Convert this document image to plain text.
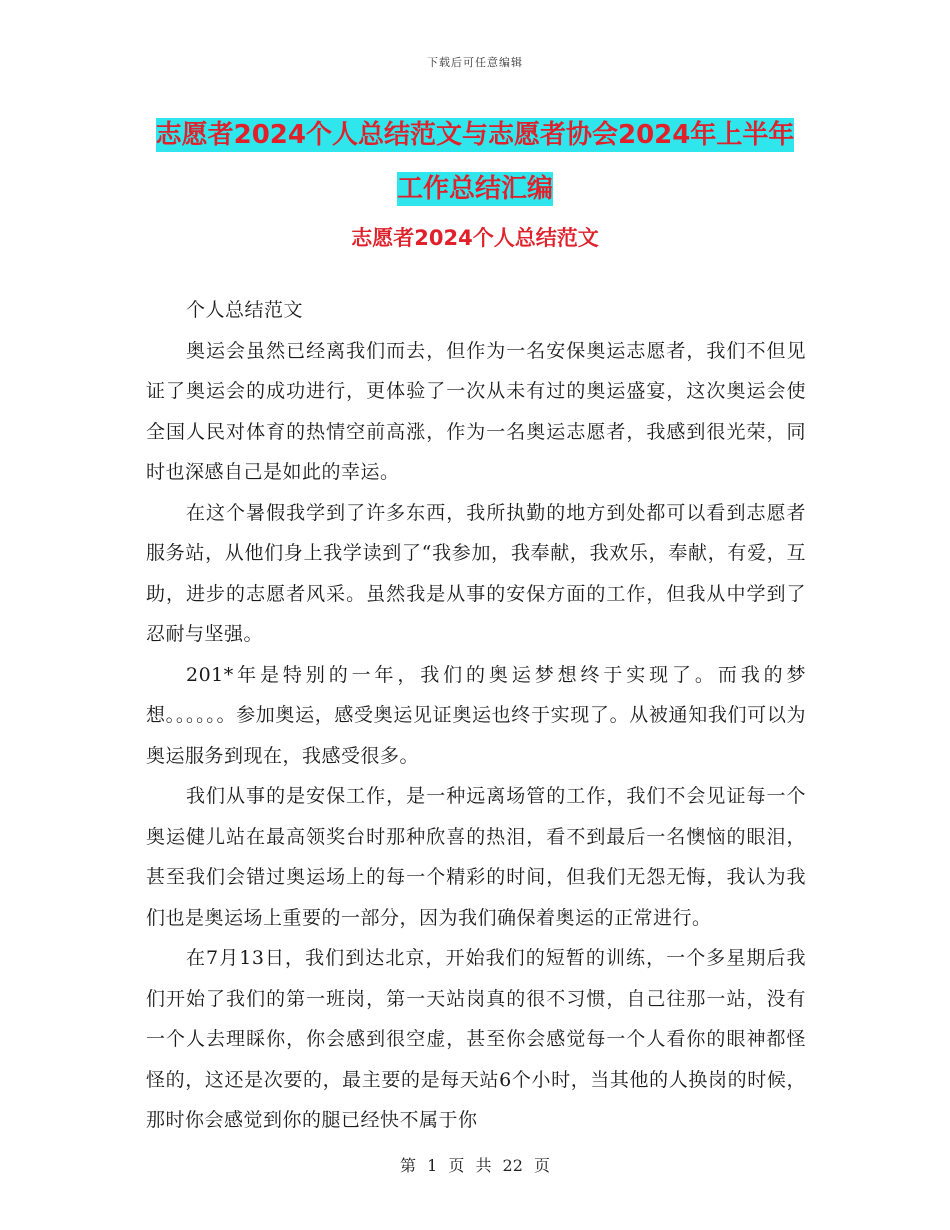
下载后可任意编辑
志愿者2024个人总结范文与志愿者协会2024年上半年工作总结汇编
志愿者2024个人总结范文

个人总结范文

奥运会虽然已经离我们而去，但作为一名安保奥运志愿者，我们不但见证了奥运会的成功进行，更体验了一次从未有过的奥运盛宴，这次奥运会使全国人民对体育的热情空前高涨，作为一名奥运志愿者，我感到很光荣，同时也深感自己是如此的幸运。

在这个暑假我学到了许多东西，我所执勤的地方到处都可以看到志愿者服务站，从他们身上我学读到了“我参加，我奉献，我欢乐，奉献，有爱，互助，进步的志愿者风采。虽然我是从事的安保方面的工作，但我从中学到了忍耐与坚强。

201*年是特别的一年，我们的奥运梦想终于实现了。而我的梦想。。。。。。参加奥运，感受奥运见证奥运也终于实现了。从被通知我们可以为奥运服务到现在，我感受很多。

我们从事的是安保工作，是一种远离场管的工作，我们不会见证每一个奥运健儿站在最高领奖台时那种欣喜的热泪，看不到最后一名懊恼的眼泪，甚至我们会错过奥运场上的每一个精彩的时间，但我们无怨无悔，我认为我们也是奥运场上重要的一部分，因为我们确保着奥运的正常进行。

在7月13日，我们到达北京，开始我们的短暂的训练，一个多星期后我们开始了我们的第一班岗，第一天站岗真的很不习惯，自己往那一站，没有一个人去理睬你，你会感到很空虚，甚至你会感觉每一个人看你的眼神都怪怪的，这还是次要的，最主要的是每天站6个小时，当其他的人换岗的时候，那时你会感觉到你的腿已经快不属于你

第 1 页 共 22 页
